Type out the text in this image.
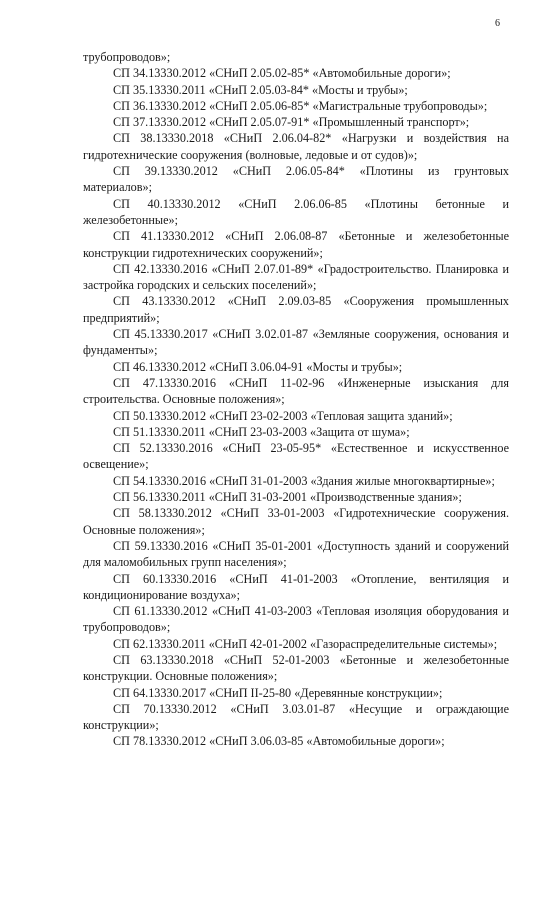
6

трубопроводов»;

СП 34.13330.2012 «СНиП 2.05.02-85* «Автомобильные дороги»;

СП 35.13330.2011 «СНиП 2.05.03-84* «Мосты и трубы»;

СП 36.13330.2012 «СНиП 2.05.06-85* «Магистральные трубопроводы»;

СП 37.13330.2012 «СНиП 2.05.07-91* «Промышленный транспорт»;

СП 38.13330.2018 «СНиП 2.06.04-82* «Нагрузки и воздействия на гидротехнические сооружения (волновые, ледовые и от судов)»;

СП 39.13330.2012 «СНиП 2.06.05-84* «Плотины из грунтовых материалов»;

СП 40.13330.2012 «СНиП 2.06.06-85 «Плотины бетонные и железобетонные»;

СП 41.13330.2012 «СНиП 2.06.08-87 «Бетонные и железобетонные конструкции гидротехнических сооружений»;

СП 42.13330.2016 «СНиП 2.07.01-89* «Градостроительство. Планировка и застройка городских и сельских поселений»;

СП 43.13330.2012 «СНиП 2.09.03-85 «Сооружения промышленных предприятий»;

СП 45.13330.2017 «СНиП 3.02.01-87 «Земляные сооружения, основания и фундаменты»;

СП 46.13330.2012 «СНиП 3.06.04-91 «Мосты и трубы»;

СП 47.13330.2016 «СНиП 11-02-96 «Инженерные изыскания для строительства. Основные положения»;

СП 50.13330.2012 «СНиП 23-02-2003 «Тепловая защита зданий»;

СП 51.13330.2011 «СНиП 23-03-2003 «Защита от шума»;

СП 52.13330.2016 «СНиП 23-05-95* «Естественное и искусственное освещение»;

СП 54.13330.2016 «СНиП 31-01-2003 «Здания жилые многоквартирные»;

СП 56.13330.2011 «СНиП 31-03-2001 «Производственные здания»;

СП 58.13330.2012 «СНиП 33-01-2003 «Гидротехнические сооружения. Основные положения»;

СП 59.13330.2016 «СНиП 35-01-2001 «Доступность зданий и сооружений для маломобильных групп населения»;

СП 60.13330.2016 «СНиП 41-01-2003 «Отопление, вентиляция и кондиционирование воздуха»;

СП 61.13330.2012 «СНиП 41-03-2003 «Тепловая изоляция оборудования и трубопроводов»;

СП 62.13330.2011 «СНиП 42-01-2002 «Газораспределительные системы»;

СП 63.13330.2018 «СНиП 52-01-2003 «Бетонные и железобетонные конструкции. Основные положения»;

СП 64.13330.2017 «СНиП II-25-80 «Деревянные конструкции»;

СП 70.13330.2012 «СНиП 3.03.01-87 «Несущие и ограждающие конструкции»;

СП 78.13330.2012 «СНиП 3.06.03-85 «Автомобильные дороги»;
